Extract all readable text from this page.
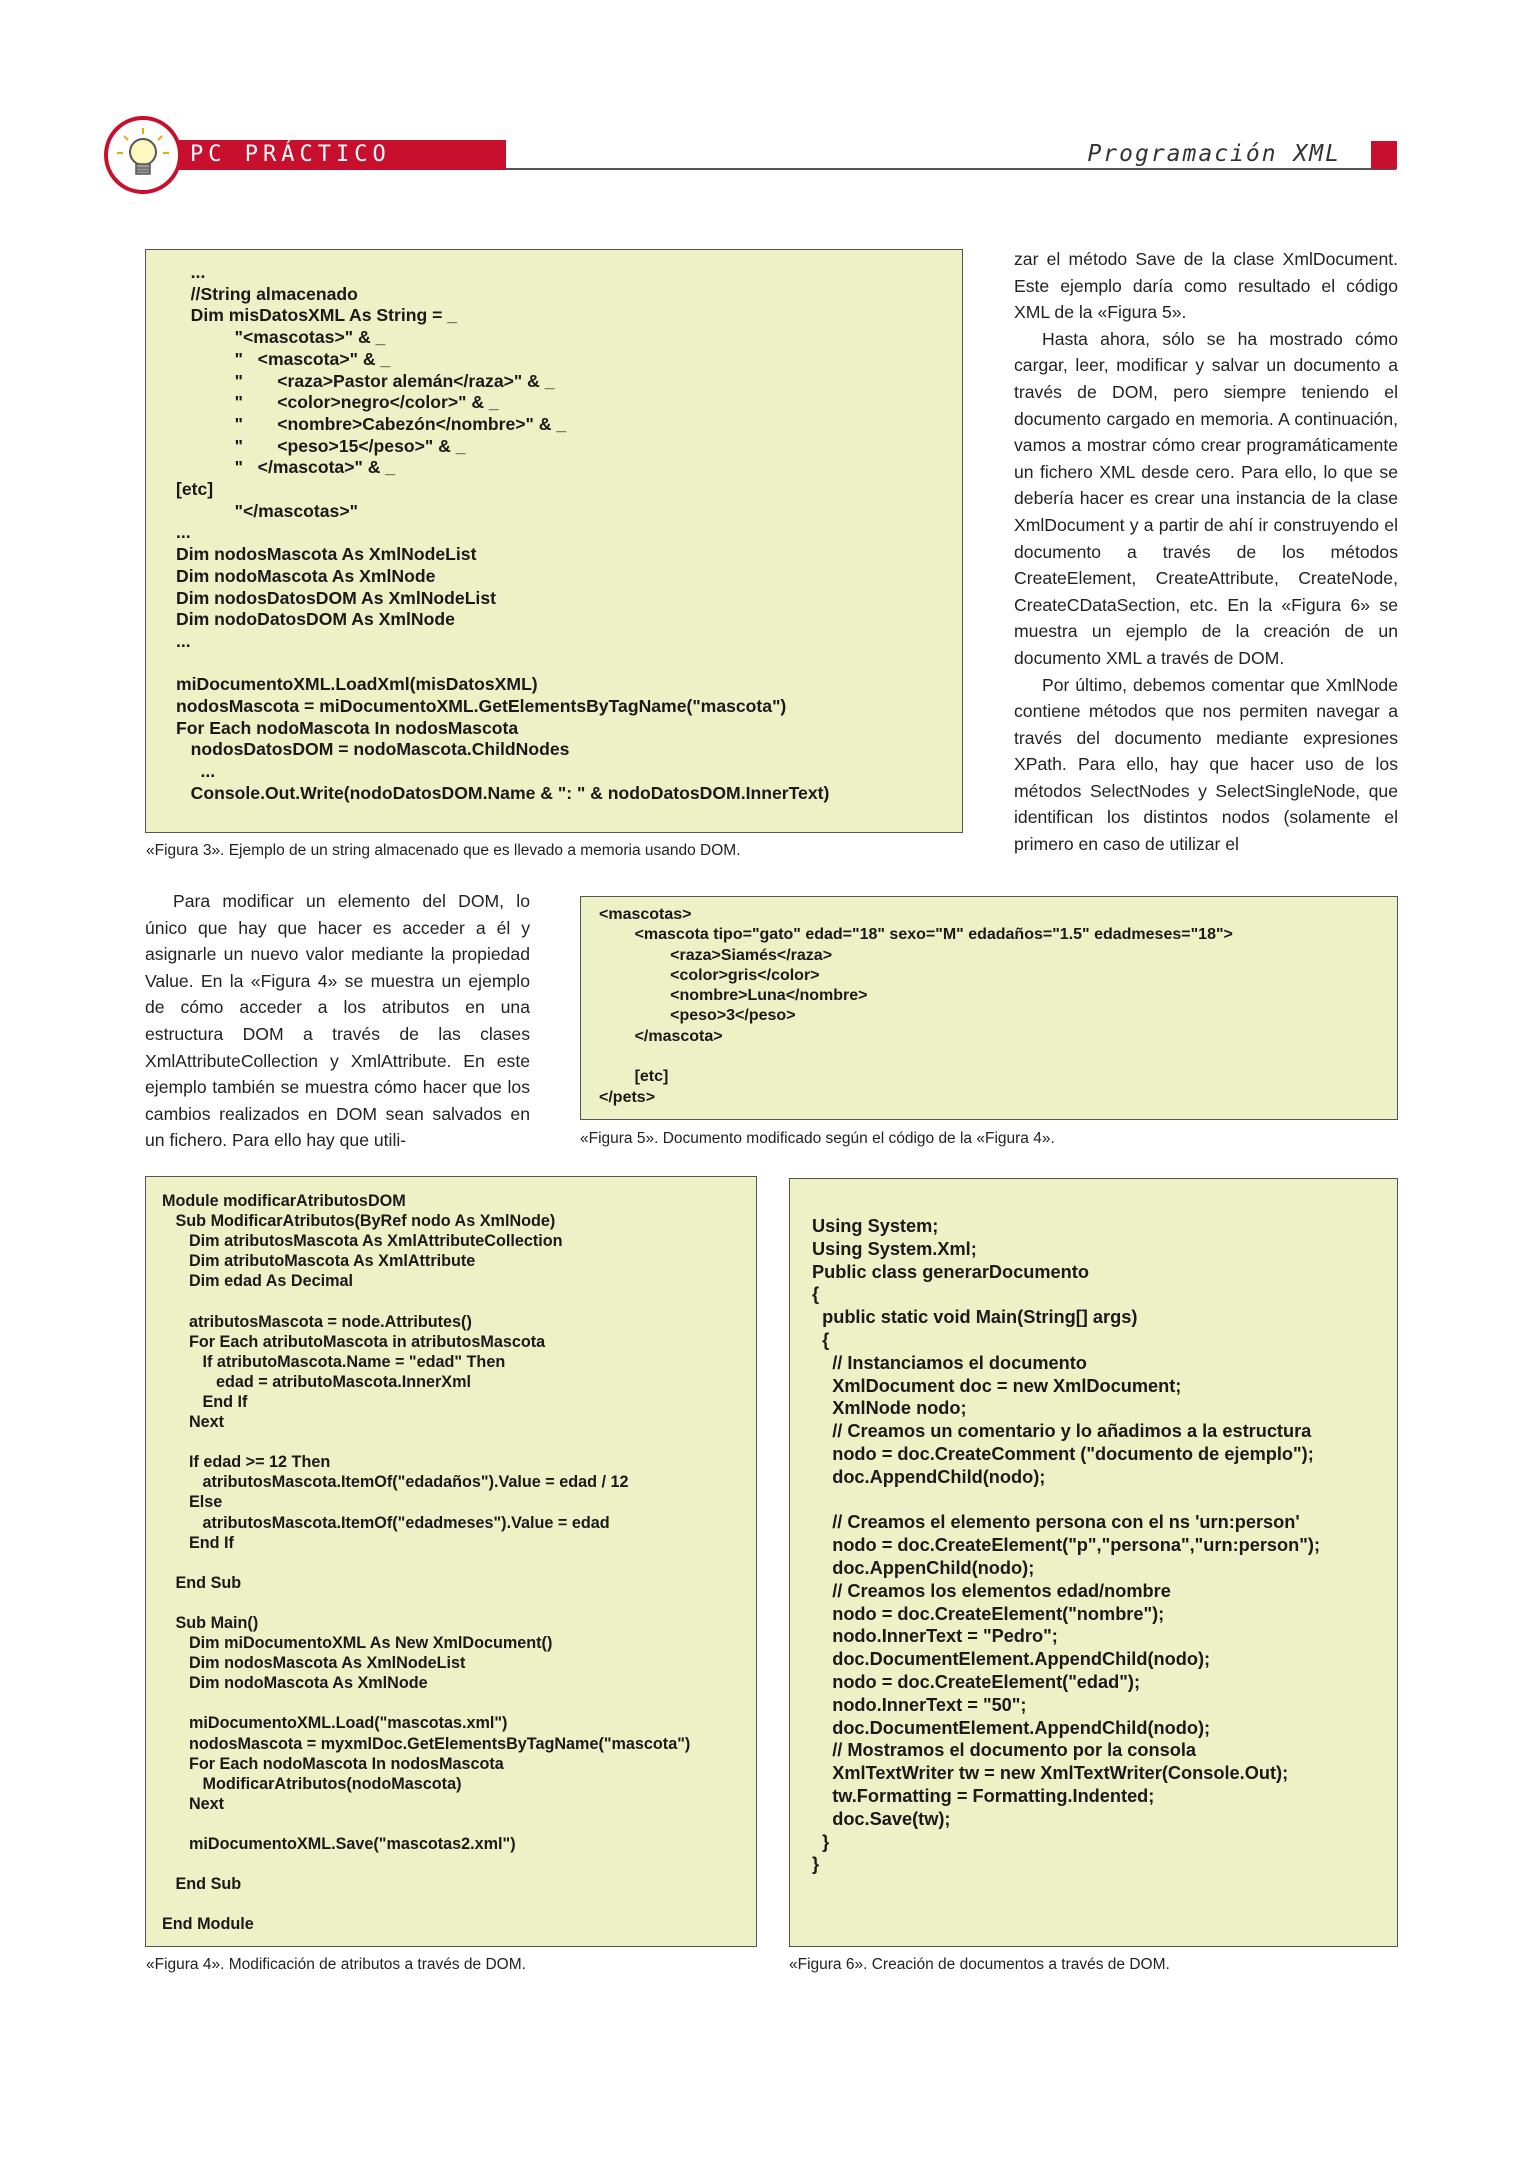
PC PRÁCTICO	Programación XML
...
//String almacenado
Dim misDatosXML As String = _
"<mascotas>" & _
"   <mascota>" & _
"       <raza>Pastor alemán</raza>" & _
"       <color>negro</color>" & _
"       <nombre>Cabezón</nombre>" & _
"       <peso>15</peso>" & _
"   </mascota>" & _
[etc]
"</mascotas>"
...
Dim nodosMascota As XmlNodeList
Dim nodoMascota As XmlNode
Dim nodosDatosDOM As XmlNodeList
Dim nodoDatosDOM As XmlNode
...

miDocumentoXML.LoadXml(misDatosXML)
nodosMascota = miDocumentoXML.GetElementsByTagName("mascota")
For Each nodoMascota In nodosMascota
nodosDatosDOM = nodoMascota.ChildNodes
...
Console.Out.Write(nodoDatosDOM.Name & ": " & nodoDatosDOM.InnerText)
«Figura 3». Ejemplo de un string almacenado que es llevado a memoria usando DOM.

zar el método Save de la clase XmlDocument. Este ejemplo daría como resultado el código XML de la «Figura 5».

Hasta ahora, sólo se ha mostrado cómo cargar, leer, modificar y salvar un documento a través de DOM, pero siempre teniendo el documento cargado en memoria. A continuación, vamos a mostrar cómo crear programáticamente un fichero XML desde cero. Para ello, lo que se debería hacer es crear una instancia de la clase XmlDocument y a partir de ahí ir construyendo el documento a través de los métodos CreateElement, CreateAttribute, CreateNode, CreateCDataSection, etc. En la «Figura 6» se muestra un ejemplo de la creación de un documento XML a través de DOM.

Por último, debemos comentar que XmlNode contiene métodos que nos permiten navegar a través del documento mediante expresiones XPath. Para ello, hay que hacer uso de los métodos SelectNodes y SelectSingleNode, que identifican los distintos nodos (solamente el primero en caso de utilizar el

Para modificar un elemento del DOM, lo único que hay que hacer es acceder a él y asignarle un nuevo valor mediante la propiedad Value. En la «Figura 4» se muestra un ejemplo de cómo acceder a los atributos en una estructura DOM a través de las clases XmlAttributeCollection y XmlAttribute. En este ejemplo también se muestra cómo hacer que los cambios realizados en DOM sean salvados en un fichero. Para ello hay que utili-

<mascotas>
<mascota tipo="gato" edad="18" sexo="M" edadaños="1.5" edadmeses="18">
<raza>Siamés</raza>
<color>gris</color>
<nombre>Luna</nombre>
<peso>3</peso>
</mascota>

[etc]
</pets>
«Figura 5». Documento modificado según el código de la «Figura 4».
Module modificarAtributosDOM
Sub ModificarAtributos(ByRef nodo As XmlNode)
Dim atributosMascota As XmlAttributeCollection
Dim atributoMascota As XmlAttribute
Dim edad As Decimal

atributosMascota = node.Attributes()
For Each atributoMascota in atributosMascota
If atributoMascota.Name = "edad" Then
edad = atributoMascota.InnerXml
End If
Next

If edad >= 12 Then
atributosMascota.ItemOf("edadaños").Value = edad / 12
Else
atributosMascota.ItemOf("edadmeses").Value = edad
End If

End Sub

Sub Main()
Dim miDocumentoXML As New XmlDocument()
Dim nodosMascota As XmlNodeList
Dim nodoMascota As XmlNode

miDocumentoXML.Load("mascotas.xml")
nodosMascota = myxmlDoc.GetElementsByTagName("mascota")
For Each nodoMascota In nodosMascota
ModificarAtributos(nodoMascota)
Next

miDocumentoXML.Save("mascotas2.xml")

End Sub

End Module
«Figura 4». Modificación de atributos a través de DOM.
Using System;
Using System.Xml;
Public class generarDocumento
{
public static void Main(String[] args)
{
// Instanciamos el documento
XmlDocument doc = new XmlDocument;
XmlNode nodo;
// Creamos un comentario y lo añadimos a la estructura
nodo = doc.CreateComment ("documento de ejemplo");
doc.AppendChild(nodo);

// Creamos el elemento persona con el ns 'urn:person'
nodo = doc.CreateElement("p","persona","urn:person");
doc.AppenChild(nodo);
// Creamos los elementos edad/nombre
nodo = doc.CreateElement("nombre");
nodo.InnerText = "Pedro";
doc.DocumentElement.AppendChild(nodo);
nodo = doc.CreateElement("edad");
nodo.InnerText = "50";
doc.DocumentElement.AppendChild(nodo);
// Mostramos el documento por la consola
XmlTextWriter tw = new XmlTextWriter(Console.Out);
tw.Formatting = Formatting.Indented;
doc.Save(tw);
}
}
«Figura 6». Creación de documentos a través de DOM.
